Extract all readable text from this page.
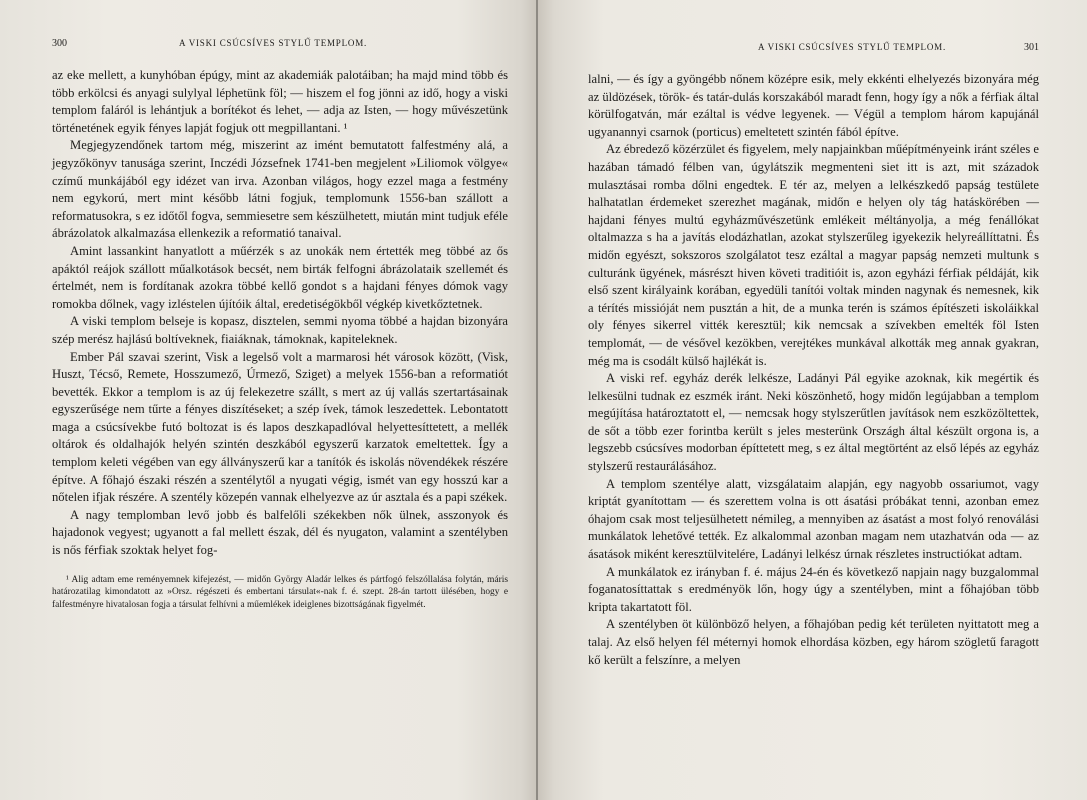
300	A VISKI CSÚCSÍVES STYLŰ TEMPLOM.

az eke mellett, a kunyhóban épúgy, mint az akademiák palotáiban; ha majd mind több és több erkölcsi és anyagi sulylyal léphetünk föl; — hiszem el fog jönni az idő, hogy a viski templom faláról is lehántjuk a borítékot és lehet, — adja az Isten, — hogy művészetünk történetének egyik fényes lapját fogjuk ott megpillantani. ¹

Megjegyzendőnek tartom még, miszerint az imént bemutatott falfestmény alá, a jegyzőkönyv tanusága szerint, Inczédi Józsefnek 1741-ben megjelent »Liliomok völgye« czímű munkájából egy idézet van irva. Azonban világos, hogy ezzel maga a festmény nem egykorú, mert mint később látni fogjuk, templomunk 1556-ban szállott a reformatusokra, s ez időtől fogva, semmiesetre sem készülhetett, miután mint tudjuk eféle ábrázolatok alkalmazása ellenkezik a reformatió tanaival.

Amint lassankint hanyatlott a műérzék s az unokák nem értették meg többé az ős apáktól reájok szállott műalkotások becsét, nem birták felfogni ábrázolataik szellemét és értelmét, nem is fordítanak azokra többé kellő gondot s a hajdani fényes dómok vagy romokba dőlnek, vagy izléstelen újítóik által, eredetiségökből végkép kivetkőztetnek.

A viski templom belseje is kopasz, disztelen, semmi nyoma többé a hajdan bizonyára szép merész hajlású boltíveknek, fiaiáknak, támoknak, kapiteleknek.

Ember Pál szavai szerint, Visk a legelső volt a marmarosi hét városok között, (Visk, Huszt, Técső, Remete, Hosszumező, Úrmező, Sziget) a melyek 1556-ban a reformatiót bevették. Ekkor a templom is az új felekezetre szállt, s mert az új vallás szertartásainak egyszerűsége nem tűrte a fényes diszítéseket; a szép ívek, támok leszedettek. Lebontatott maga a csúcsívekbe futó boltozat is és lapos deszkapadlóval helyettesíttetett, a mellék oltárok és oldalhajók helyén szintén deszkából egyszerű karzatok emeltettek. Így a templom keleti végében van egy állványszerű kar a tanítók és iskolás növendékek részére építve. A főhajó északi részén a szentélytől a nyugati végig, ismét van egy hosszú kar a nőtelen ifjak részére. A szentély közepén vannak elhelyezve az úr asztala és a papi székek.

A nagy templomban levő jobb és balfelőli székekben nők ülnek, asszonyok és hajadonok vegyest; ugyanott a fal mellett észak, dél és nyugaton, valamint a szentélyben is nős férfiak szoktak helyet fog-

¹ Alig adtam eme reményemnek kifejezést, — midőn György Aladár lelkes és pártfogó felszóllalása folytán, máris határozatilag kimondatott az »Orsz. régészeti és embertani társulat«-nak f. é. szept. 28-án tartott ülésében, hogy e falfestményre hivatalosan fogja a társulat felhívni a műemlékek ideiglenes bizottságának figyelmét.
A VISKI CSÚCSÍVES STYLŰ TEMPLOM.	301

lalni, — és így a gyöngébb nőnem középre esik, mely ekkénti elhelyezés bizonyára még az üldözések, török- és tatár-dulás korszakából maradt fenn, hogy így a nők a férfiak által körülfogatván, már ezáltal is védve legyenek. — Végül a templom három kapujánál ugyanannyi csarnok (porticus) emeltetett szintén fából építve.

Az ébredező közérzület és figyelem, mely napjainkban műépítményeink iránt széles e hazában támadó félben van, úgylátszik megmenteni siet itt is azt, mit századok mulasztásai romba dőlni engedtek. E tér az, melyen a lelkészkedő papság testülete halhatatlan érdemeket szerezhet magának, midőn e helyen oly tág hatáskörében — hajdani fényes multú egyházművészetünk emlékeit méltányolja, a még fenállókat oltalmazza s ha a javítás elodázhatlan, azokat stylszerűleg igyekezik helyreállíttatni. És midőn egyészt, sokszoros szolgálatot tesz ezáltal a magyar papság nemzeti multunk s culturánk ügyének, másrészt hiven követi traditióit is, azon egyházi férfiak példáját, kik első szent királyaink korában, egyedüli tanítói voltak minden nagynak és nemesnek, kik a térítés missióját nem pusztán a hit, de a munka terén is számos építészeti iskoláikkal oly fényes sikerrel vitték keresztül; kik nemcsak a szívekben emelték föl Isten templomát, — de vésővel kezökben, verejtékes munkával alkották meg annak gyakran, még ma is csodált külső hajlékát is.

A viski ref. egyház derék lelkésze, Ladányi Pál egyike azoknak, kik megértik és lelkesülni tudnak ez eszmék iránt. Neki köszönhető, hogy midőn legújabban a templom megújítása határoztatott el, — nemcsak hogy stylszerűtlen javítások nem eszközöltettek, de sőt a több ezer forintba került s jeles mesterünk Országh által készült orgona is, a legszebb csúcsíves modorban építtetett meg, s ez által megtörtént az első lépés az egyház stylszerű restaurálásához.

A templom szentélye alatt, vizsgálataim alapján, egy nagyobb ossariumot, vagy kriptát gyanítottam — és szerettem volna is ott ásatási próbákat tenni, azonban emez óhajom csak most teljesülhetett némileg, a mennyiben az ásatást a most folyó renoválási munkálatok lehetővé tették. Ez alkalommal azonban magam nem utazhatván oda — az ásatások miként keresztülvitelére, Ladányi lelkész úrnak részletes instructiókat adtam.

A munkálatok ez irányban f. é. május 24-én és következő napjain nagy buzgalommal foganatosíttattak s eredményök lőn, hogy úgy a szentélyben, mint a főhajóban több kripta takartatott föl.

A szentélyben öt különböző helyen, a főhajóban pedig két területen nyittatott meg a talaj. Az első helyen fél méternyi homok elhordása közben, egy három szögletű faragott kő került a felszínre, a melyen
